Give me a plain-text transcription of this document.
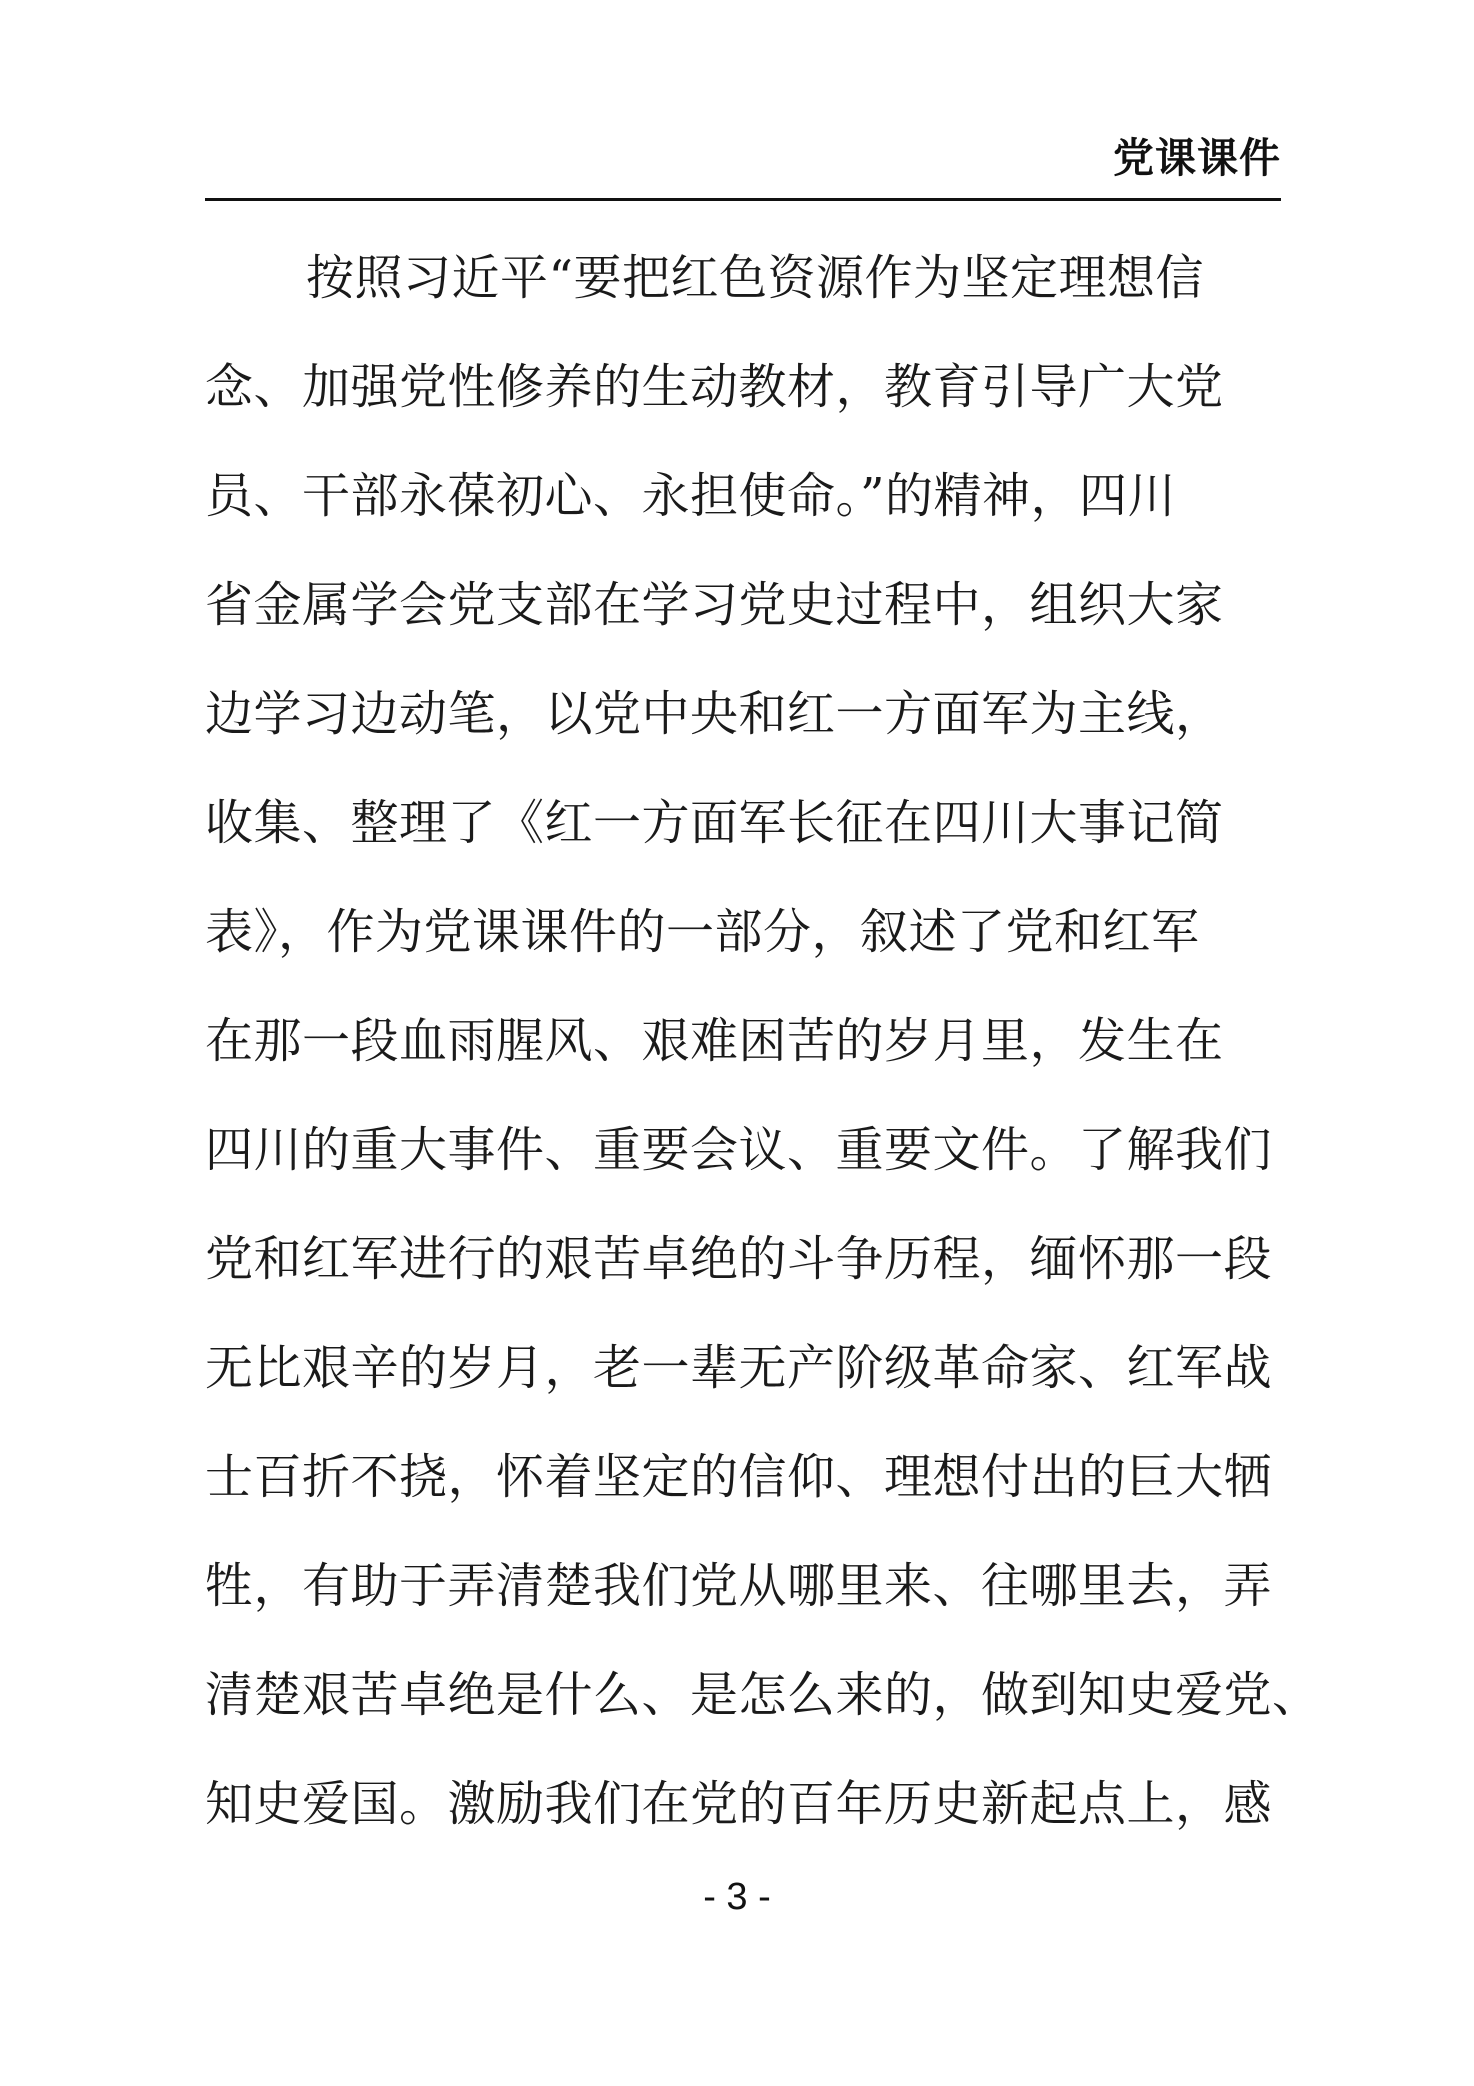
党课课件
按照习近平“要把红色资源作为坚定理想信
念、加强党性修养的生动教材，教育引导广大党
员、干部永葆初心、永担使命。”的精神，四川
省金属学会党支部在学习党史过程中，组织大家
边学习边动笔，以党中央和红一方面军为主线，
收集、整理了《红一方面军长征在四川大事记简
表》，作为党课课件的一部分，叙述了党和红军
在那一段血雨腥风、艰难困苦的岁月里，发生在
四川的重大事件、重要会议、重要文件。了解我们
党和红军进行的艰苦卓绝的斗争历程，缅怀那一段
无比艰辛的岁月，老一辈无产阶级革命家、红军战
士百折不挠，怀着坚定的信仰、理想付出的巨大牺
牲，有助于弄清楚我们党从哪里来、往哪里去，弄
清楚艰苦卓绝是什么、是怎么来的，做到知史爱党、
知史爱国。激励我们在党的百年历史新起点上，感
- 3 -
